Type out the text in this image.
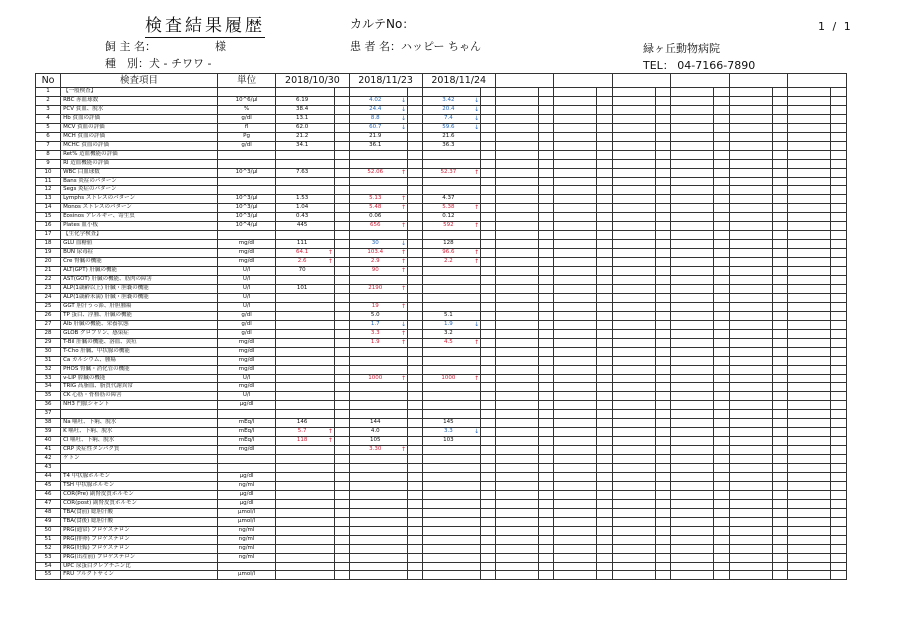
検査結果履歴	カルテNo：	1 / 1
飼 主 名：	様	患 者 名：ハッピー ちゃん	緑ヶ丘動物病院
種　別：犬 - チワワ -	TEL： 04-7166-7890
No	検査項目	単位	2018/10/30		2018/11/23		2018/11/24													
1	【一般検査】																			
2	RBC 赤血球数	10^6/μl	6.19		4.02 ↓		3.42 ↓													

3	PCV 貧血、脱水	%	38.4		24.4 ↓		20.4 ↓													

4	Hb 貧血の評価	g/dl	13.1		8.8 ↓		7.4 ↓													

5	MCV 貧血の評価	fl	62.0		60.7 ↓		59.6 ↓													

6	MCH 貧血の評価	Pg	21.2		21.9		21.6													
7	MCHC 貧血の評価	g/dl	34.1		36.1		36.3													
8	Ret% 造血機能の評価																			
9	RI 造血機能の評価																			
10	WBC 白血球数	10^3/μl	7.63		52.06 ↑		52.37 ↑													

11	Bans 炎症のパターン																			
12	Segs 炎症のパターン																			
13	Lymphs ストレスのパターン	10^3/μl	1.53		5.13 ↑		4.37													
14	Monos ストレスのパターン	10^3/μl	1.04		5.48 ↑		5.38 ↑													

15	Eosinos アレルギー、寄生虫	10^3/μl	0.43		0.06		0.12													
16	Plates 血小板	10^4/μl	445		656 ↑		592 ↑													

17	【生化学検査】																			
18	GLU 血糖値	mg/dl	111		30 ↓		128													
19	BUN 尿毒症	mg/dl	64.1 ↑		103.4 ↑		96.6 ↑													

20	Cre 腎臓の機能	mg/dl	2.6 ↑		2.9 ↑		2.2 ↑													

21	ALT(GPT) 肝臓の機能	U/l	70		90 ↑															

22	AST(GOT) 肝臓の機能、筋肉の障害	U/l																		
23	ALP(1歳齢以上) 肝臓・胆嚢の機能	U/l	101		2190 ↑															

24	ALP(1歳齢未満) 肝臓・胆嚢の機能	U/l																		
25	GGT 胆汁うっ滞、肝胆腫瘍	U/l			19 ↑															

26	TP 蛋白、浮腫、肝臓の機能	g/dl			5.0		5.1													
27	Alb 肝臓の機能、栄養状態	g/dl			1.7 ↓		1.9 ↓													

28	GLOB グロブリン、感染症	g/dl			3.3 ↑		3.2													
29	T-Bil 肝臓の機能、溶血、黄疸	mg/dl			1.9 ↑		4.5 ↑													

30	T-Cho 肝臓、甲状腺の機能	mg/dl																		
31	Ca カルシウム、腫瘍	mg/dl																		
32	PHOS 腎臓・消化管の機能	mg/dl																		
33	v-LIP 膵臓の機能	U/l			1000 ↑		1000 ↑													

34	TRIG 高脂血、脂質代謝異常	mg/dl																		
35	CK 心筋・骨格筋の障害	U/l																		
36	NH3 門脈シャント	μg/dl																		
37																				
38	Na 嘔吐、下痢、脱水	mEq/l	146		144		145													
39	K 嘔吐、下痢、脱水	mEq/l	5.7 ↑		4.0		3.3 ↓													

40	Cl 嘔吐、下痢、脱水	mEq/l	118 ↑		105		103													
41	CRP 炎症性タンパク質	mg/dl			3.30 ↑															

42	ケトン																			
43																				
44	T4 甲状腺ホルモン	μg/dl																		
45	TSH 甲状腺ホルモン	ng/ml																		
46	COR(Pre) 副腎皮質ホルモン	μg/dl																		
47	COR(post) 副腎皮質ホルモン	μg/dl																		
48	TBA(食前) 総胆汁酸	μmol/l																		
49	TBA(食後) 総胆汁酸	μmol/l																		
50	PRG(通常) プロゲステロン	ng/ml																		
51	PRG(排卵) プロゲステロン	ng/ml																		
52	PRG(妊娠) プロゲステロン	ng/ml																		
53	PRG(出産前) プロゲステロン	ng/ml																		
54	UPC 尿蛋白クレアチニン比																			
55	FRU フルクトサミン	μmol/l																		
